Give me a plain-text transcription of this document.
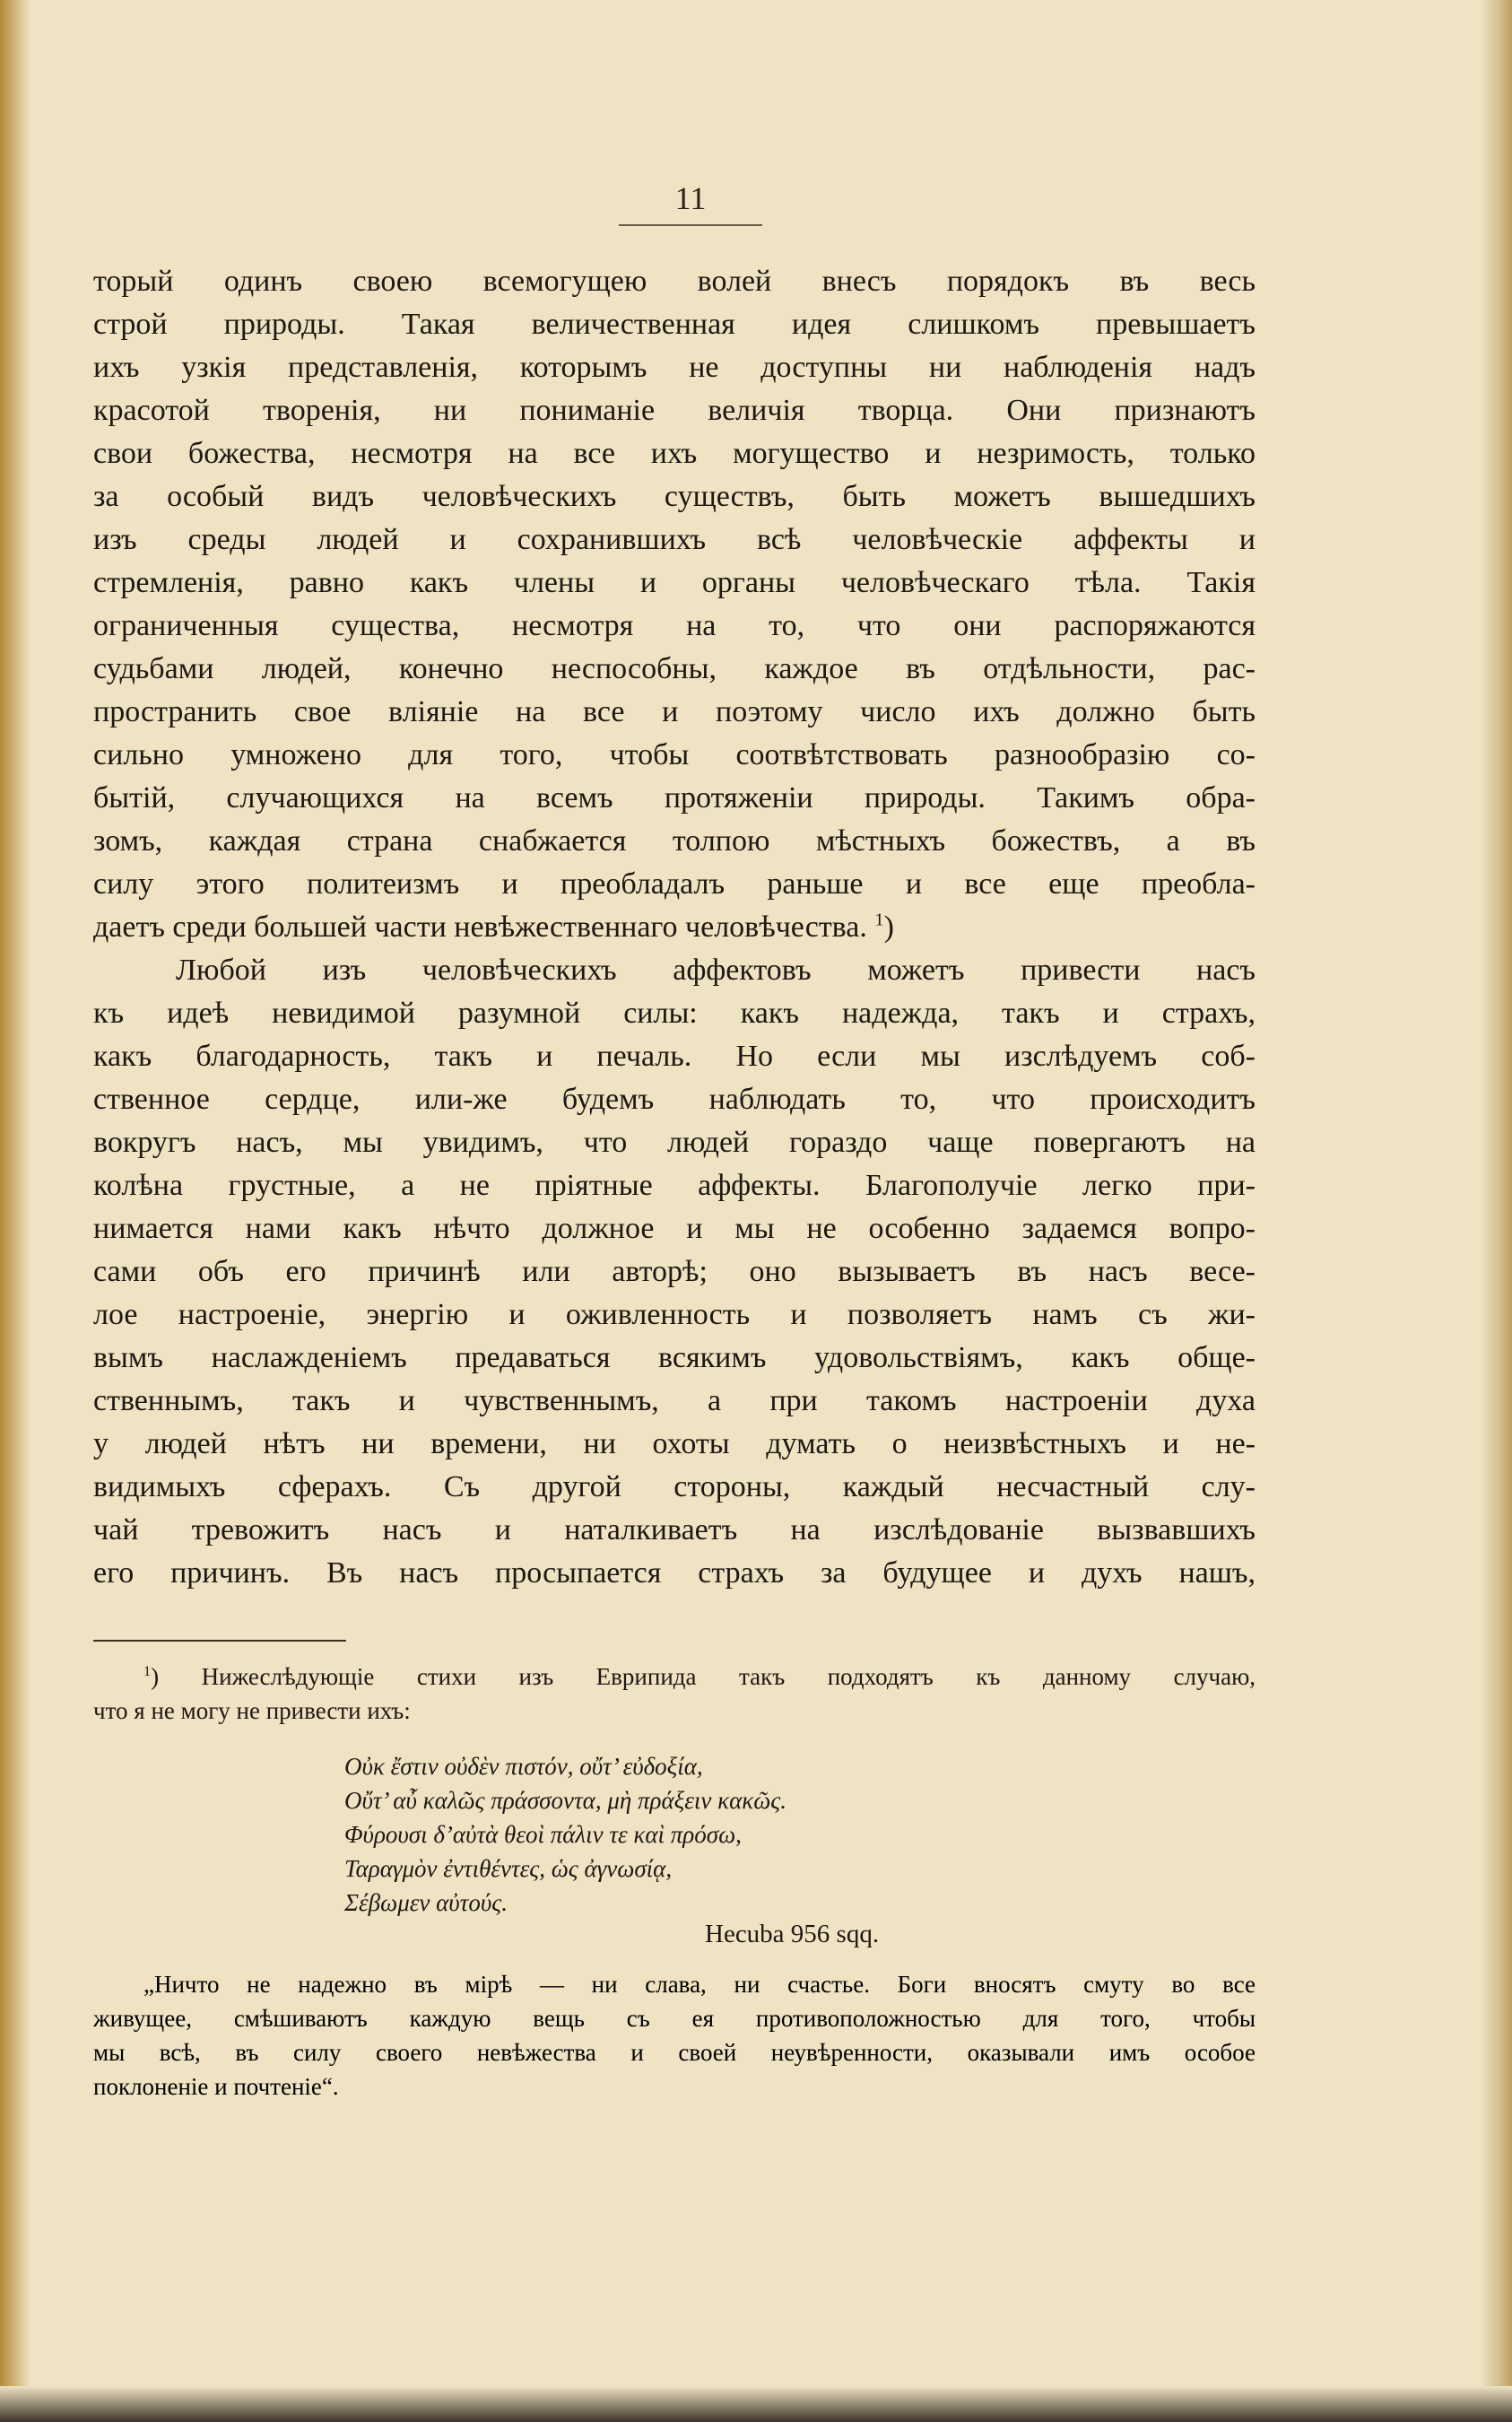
11
торый одинъ своею всемогущею волей внесъ порядокъ въ весь
строй природы. Такая величественная идея слишкомъ превышаетъ
ихъ узкія представленія, которымъ не доступны ни наблюденія надъ
красотой творенія, ни пониманіе величія творца. Они признаютъ
свои божества, несмотря на все ихъ могущество и незримость, только
за особый видъ человѣческихъ существъ, быть можетъ вышедшихъ
изъ среды людей и сохранившихъ всѣ человѣческіе аффекты и
стремленія, равно какъ члены и органы человѣческаго тѣла. Такія
ограниченныя существа, несмотря на то, что они распоряжаются
судьбами людей, конечно неспособны, каждое въ отдѣльности, рас-
пространить свое вліяніе на все и поэтому число ихъ должно быть
сильно умножено для того, чтобы соотвѣтствовать разнообразію со-
бытій, случающихся на всемъ протяженіи природы. Такимъ обра-
зомъ, каждая страна снабжается толпою мѣстныхъ божествъ, а въ
силу этого политеизмъ и преобладалъ раньше и все еще преобла-
даетъ среди большей части невѣжественнаго человѣчества. $^1$)
Любой изъ человѣческихъ аффектовъ можетъ привести насъ
къ идеѣ невидимой разумной силы: какъ надежда, такъ и страхъ,
какъ благодарность, такъ и печаль. Но если мы изслѣдуемъ соб-
ственное сердце, или-же будемъ наблюдать то, что происходитъ
вокругъ насъ, мы увидимъ, что людей гораздо чаще повергаютъ на
колѣна грустные, а не пріятные аффекты. Благополучіе легко при-
нимается нами какъ нѣчто должное и мы не особенно задаемся вопро-
сами объ его причинѣ или авторѣ; оно вызываетъ въ насъ весе-
лое настроеніе, энергію и оживленность и позволяетъ намъ съ жи-
вымъ наслажденіемъ предаваться всякимъ удовольствіямъ, какъ обще-
ственнымъ, такъ и чувственнымъ, а при такомъ настроеніи духа
у людей нѣтъ ни времени, ни охоты думать о неизвѣстныхъ и не-
видимыхъ сферахъ. Съ другой стороны, каждый несчастный слу-
чай тревожитъ насъ и наталкиваетъ на изслѣдованіе вызвавшихъ
его причинъ. Въ насъ просыпается страхъ за будущее и духъ нашъ,
$^1$) Нижеслѣдующіе стихи изъ Еврипида такъ подходятъ къ данному случаю,
что я не могу не привести ихъ:
Οὐκ ἔστιν οὐδὲν πιστόν, οὔτ’ εὐδοξία,
Οὔτ’ αὖ καλῶς πράσσοντα, μὴ πράξειν κακῶς.
Φύρουσι δ’αὐτὰ θεοὶ πάλιν τε καὶ πρόσω,
Ταραγμὸν ἐντιθέντες, ὡς ἀγνωσίᾳ,
Σέβωμεν αὐτούς.
Hecuba 956 sqq.
„Ничто не надежно въ мірѣ — ни слава, ни счастье. Боги вносятъ смуту во все
живущее, смѣшиваютъ каждую вещь съ ея противоположностью для того, чтобы
мы всѣ, въ силу своего невѣжества и своей неувѣренности, оказывали имъ особое
поклоненіе и почтеніе“.
